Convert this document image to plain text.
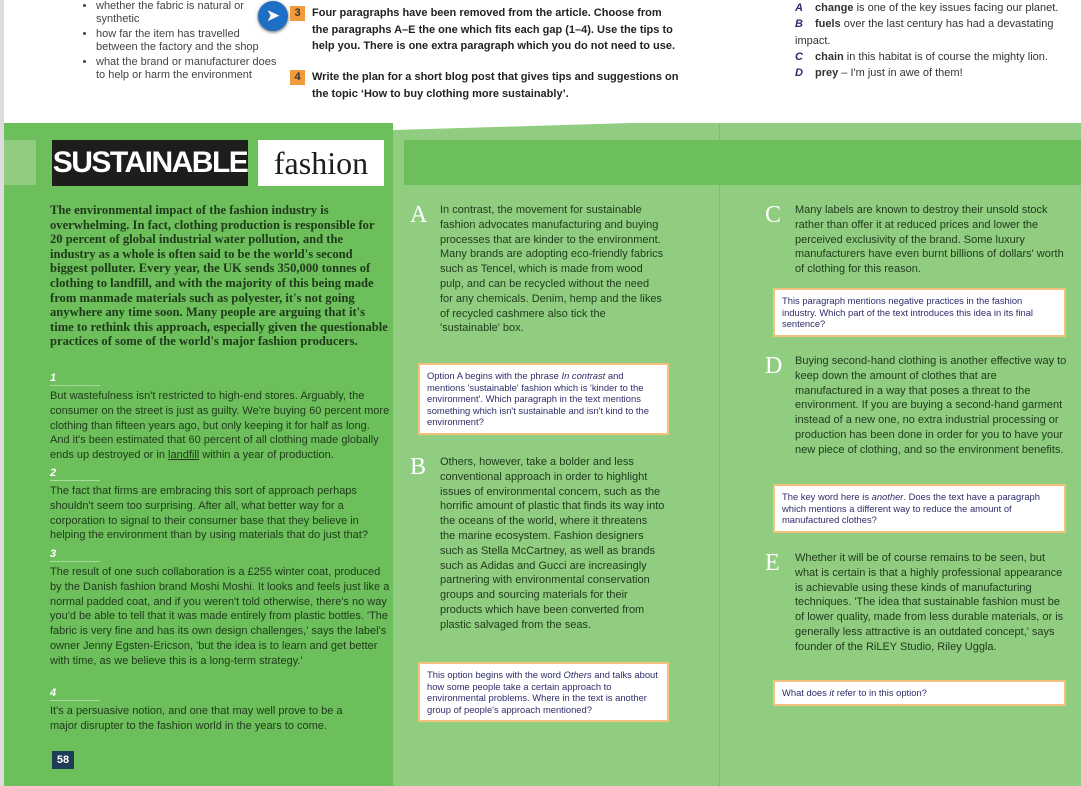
• whether the fabric is natural or synthetic
• how far the item has travelled between the factory and the shop
• what the brand or manufacturer does to help or harm the environment
➤	3	Four paragraphs have been removed from the article. Choose from the paragraphs A–E the one which fits each gap (1–4). Use the tips to help you. There is one extra paragraph which you do not need to use.
4	Write the plan for a short blog post that gives tips and suggestions on the topic ‘How to buy clothing more sustainably’.
A change is one of the key issues facing our planet.
B fuels over the last century has had a devastating impact.
C chain in this habitat is of course the mighty lion.
D prey – I'm just in awe of them!
SUSTAINABLE fashion
The environmental impact of the fashion industry is overwhelming. In fact, clothing production is responsible for 20 percent of global industrial water pollution, and the industry as a whole is often said to be the world's second biggest polluter. Every year, the UK sends 350,000 tonnes of clothing to landfill, and with the majority of this being made from manmade materials such as polyester, it's not going anywhere any time soon. Many people are arguing that it's time to rethink this approach, especially given the questionable practices of some of the world's major fashion producers.
1
But wastefulness isn't restricted to high-end stores. Arguably, the consumer on the street is just as guilty. We're buying 60 percent more clothing than fifteen years ago, but only keeping it for half as long. And it's been estimated that 60 percent of all clothing made globally ends up destroyed or in landfill within a year of production.
2
The fact that firms are embracing this sort of approach perhaps shouldn't seem too surprising. After all, what better way for a corporation to signal to their consumer base that they believe in helping the environment than by using materials that do just that?
3
The result of one such collaboration is a £255 winter coat, produced by the Danish fashion brand Moshi Moshi. It looks and feels just like a normal padded coat, and if you weren't told otherwise, there's no way you'd be able to tell that it was made entirely from plastic bottles. 'The fabric is very fine and has its own design challenges,' says the label's owner Jenny Egsten-Ericson, 'but the idea is to learn and get better with time, as we believe this is a long-term strategy.'
4
It's a persuasive notion, and one that may well prove to be a major disrupter to the fashion world in the years to come.
58
A In contrast, the movement for sustainable fashion advocates manufacturing and buying processes that are kinder to the environment. Many brands are adopting eco-friendly fabrics such as Tencel, which is made from wood pulp, and can be recycled without the need for any chemicals. Denim, hemp and the likes of recycled cashmere also tick the 'sustainable' box.
Option A begins with the phrase In contrast and mentions 'sustainable' fashion which is 'kinder to the environment'. Which paragraph in the text mentions something which isn't sustainable and isn't kind to the environment?
B Others, however, take a bolder and less conventional approach in order to highlight issues of environmental concern, such as the horrific amount of plastic that finds its way into the oceans of the world, where it threatens the marine ecosystem. Fashion designers such as Stella McCartney, as well as brands such as Adidas and Gucci are increasingly partnering with environmental conservation groups and sourcing materials for their products which have been converted from plastic salvaged from the seas.
This option begins with the word Others and talks about how some people take a certain approach to environmental problems. Where in the text is another group of people's approach mentioned?
C Many labels are known to destroy their unsold stock rather than offer it at reduced prices and lower the perceived exclusivity of the brand. Some luxury manufacturers have even burnt billions of dollars' worth of clothing for this reason.
This paragraph mentions negative practices in the fashion industry. Which part of the text introduces this idea in its final sentence?
D Buying second-hand clothing is another effective way to keep down the amount of clothes that are manufactured in a way that poses a threat to the environment. If you are buying a second-hand garment instead of a new one, no extra industrial processing or production has been done in order for you to have your new piece of clothing, and so the environment benefits.
The key word here is another. Does the text have a paragraph which mentions a different way to reduce the amount of manufactured clothes?
E Whether it will be of course remains to be seen, but what is certain is that a highly professional appearance is achievable using these kinds of manufacturing techniques. 'The idea that sustainable fashion must be of lower quality, made from less durable materials, or is generally less attractive is an outdated concept,' says founder of the RiLEY Studio, Riley Uggla.
What does it refer to in this option?
